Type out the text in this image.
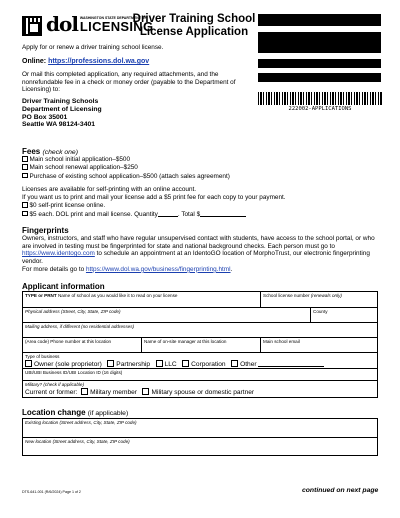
dol WASHINGTON STATE DEPARTMENT OF
LICENSING
Driver Training School
License Application
222002-APPLICATIONS
Apply for or renew a driver training school license.
Online: https://professions.dol.wa.gov
Or mail this completed application, any required attachments, and the nonrefundable fee in a check or money order (payable to the Department of Licensing) to:
Driver Training Schools
Department of Licensing
PO Box 35001
Seattle WA 98124-3401
Fees (check one)
Main school initial application–$500
Main school renewal application–$250
Purchase of existing school application–$500 (attach sales agreement)
Licenses are available for self-printing with an online account.
If you want us to print and mail your license add a $5 print fee for each copy to your payment.
$0 self-print license online.
$5 each. DOL print and mail license. Quantity	. Total $
Fingerprints
Owners, instructors, and staff who have regular unsupervised contact with students, have access to the school portal, or who are involved in testing must be fingerprinted for state and national background checks. Each person must go to https://www.identogo.com to schedule an appointment at an IdentoGO location of MorphoTrust, our electronic fingerprinting vendor.
For more details go to https://www.dol.wa.gov/business/fingerprinting.html.
Applicant information
TYPE or PRNT Name of school as you would like it to read on your license	School license number (renewals only)
Physical address (Street, City, State, ZIP code)	County
Mailing address, if different (no residential addresses)
(Area code) Phone number at this location	Name of on-site manager at this location	Main school email
Type of business
Owner (sole proprietor) Partnership LLC Corporation Other
UBI/UBI Business ID/UBI Location ID (16 digits)
Military? (check if applicable)
Current or former: Military member Military spouse or domestic partner
Location change (if applicable)
Existing location (Street address, City, State, ZIP code)
New location (Street address, City, State, ZIP code)
DTS-641-001 (R/6/2024) Page 1 of 2	continued on next page
